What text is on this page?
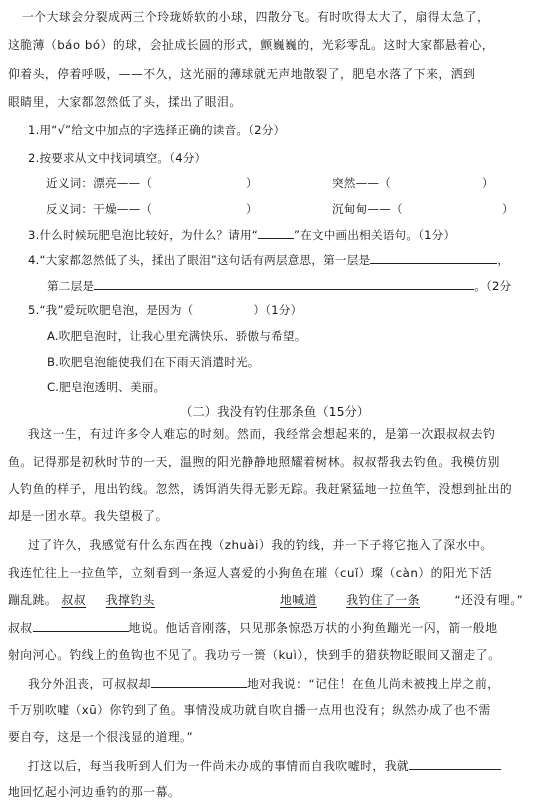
一个大球会分裂成两三个玲珑娇软的小球，四散分飞。有时吹得太大了，扇得太急了，
这脆薄（báo bó）的球，会扯成长圆的形式，颤巍巍的，光彩零乱。这时大家都悬着心，
仰着头，停着呼吸，——不久，这光丽的薄球就无声地散裂了，肥皂水落了下来，洒到
眼睛里，大家都忽然低了头，揉出了眼泪。
1.用“√”给文中加点的字选择正确的读音。（2分）
2.按要求从文中找词填空。（4分）
近义词：漂亮——（	）	突然——（	）
反义词：干燥——（	）	沉甸甸——（	）
3.什么时候玩肥皂泡比较好，为什么？请用“	”在文中画出相关语句。（1分）
4.“大家都忽然低了头，揉出了眼泪”这句话有两层意思，第一层是	，
第二层是	。（2分
5.“我”爱玩吹肥皂泡，是因为（	）（1分）
A.吹肥皂泡时，让我心里充满快乐、骄傲与希望。
B.吹肥皂泡能使我们在下雨天消遣时光。
C.肥皂泡透明、美丽。
（二）我没有钓住那条鱼（15分）
我这一生，有过许多令人难忘的时刻。然而，我经常会想起来的，是第一次跟叔叔去钓
鱼。记得那是初秋时节的一天，温煦的阳光静静地照耀着树林。叔叔帮我去钓鱼。我模仿别
人钓鱼的样子，甩出钓线。忽然，诱饵消失得无影无踪。我赶紧猛地一拉鱼竿，没想到扯出的
却是一团水草。我失望极了。
过了许久，我感觉有什么东西在拽（zhuài）我的钓线，并一下子将它拖入了深水中。
我连忙往上一拉鱼竿，立刻看到一条逗人喜爱的小狗鱼在璀（cuǐ）璨（càn）的阳光下活
蹦乱跳。 叔叔 我撑钓头	地喊道 我钓住了一条	“还没有哩。”
叔叔	地说。他话音刚落，只见那条惊恐万状的小狗鱼蹦光一闪，箭一般地
射向河心。钓线上的鱼钩也不见了。我功亏一篑（kuì），快到手的猎获物眨眼间又溜走了。
我分外沮丧，可叔叔却	地对我说：“记住！在鱼儿尚未被拽上岸之前，
千万别吹嘘（xū）你钓到了鱼。事情没成功就自吹自播一点用也没有；纵然办成了也不需
要自夸，这是一个很浅显的道理。”
打这以后，每当我听到人们为一件尚未办成的事情而自我吹嘘时，我就
地回忆起小河边垂钓的那一幕。
